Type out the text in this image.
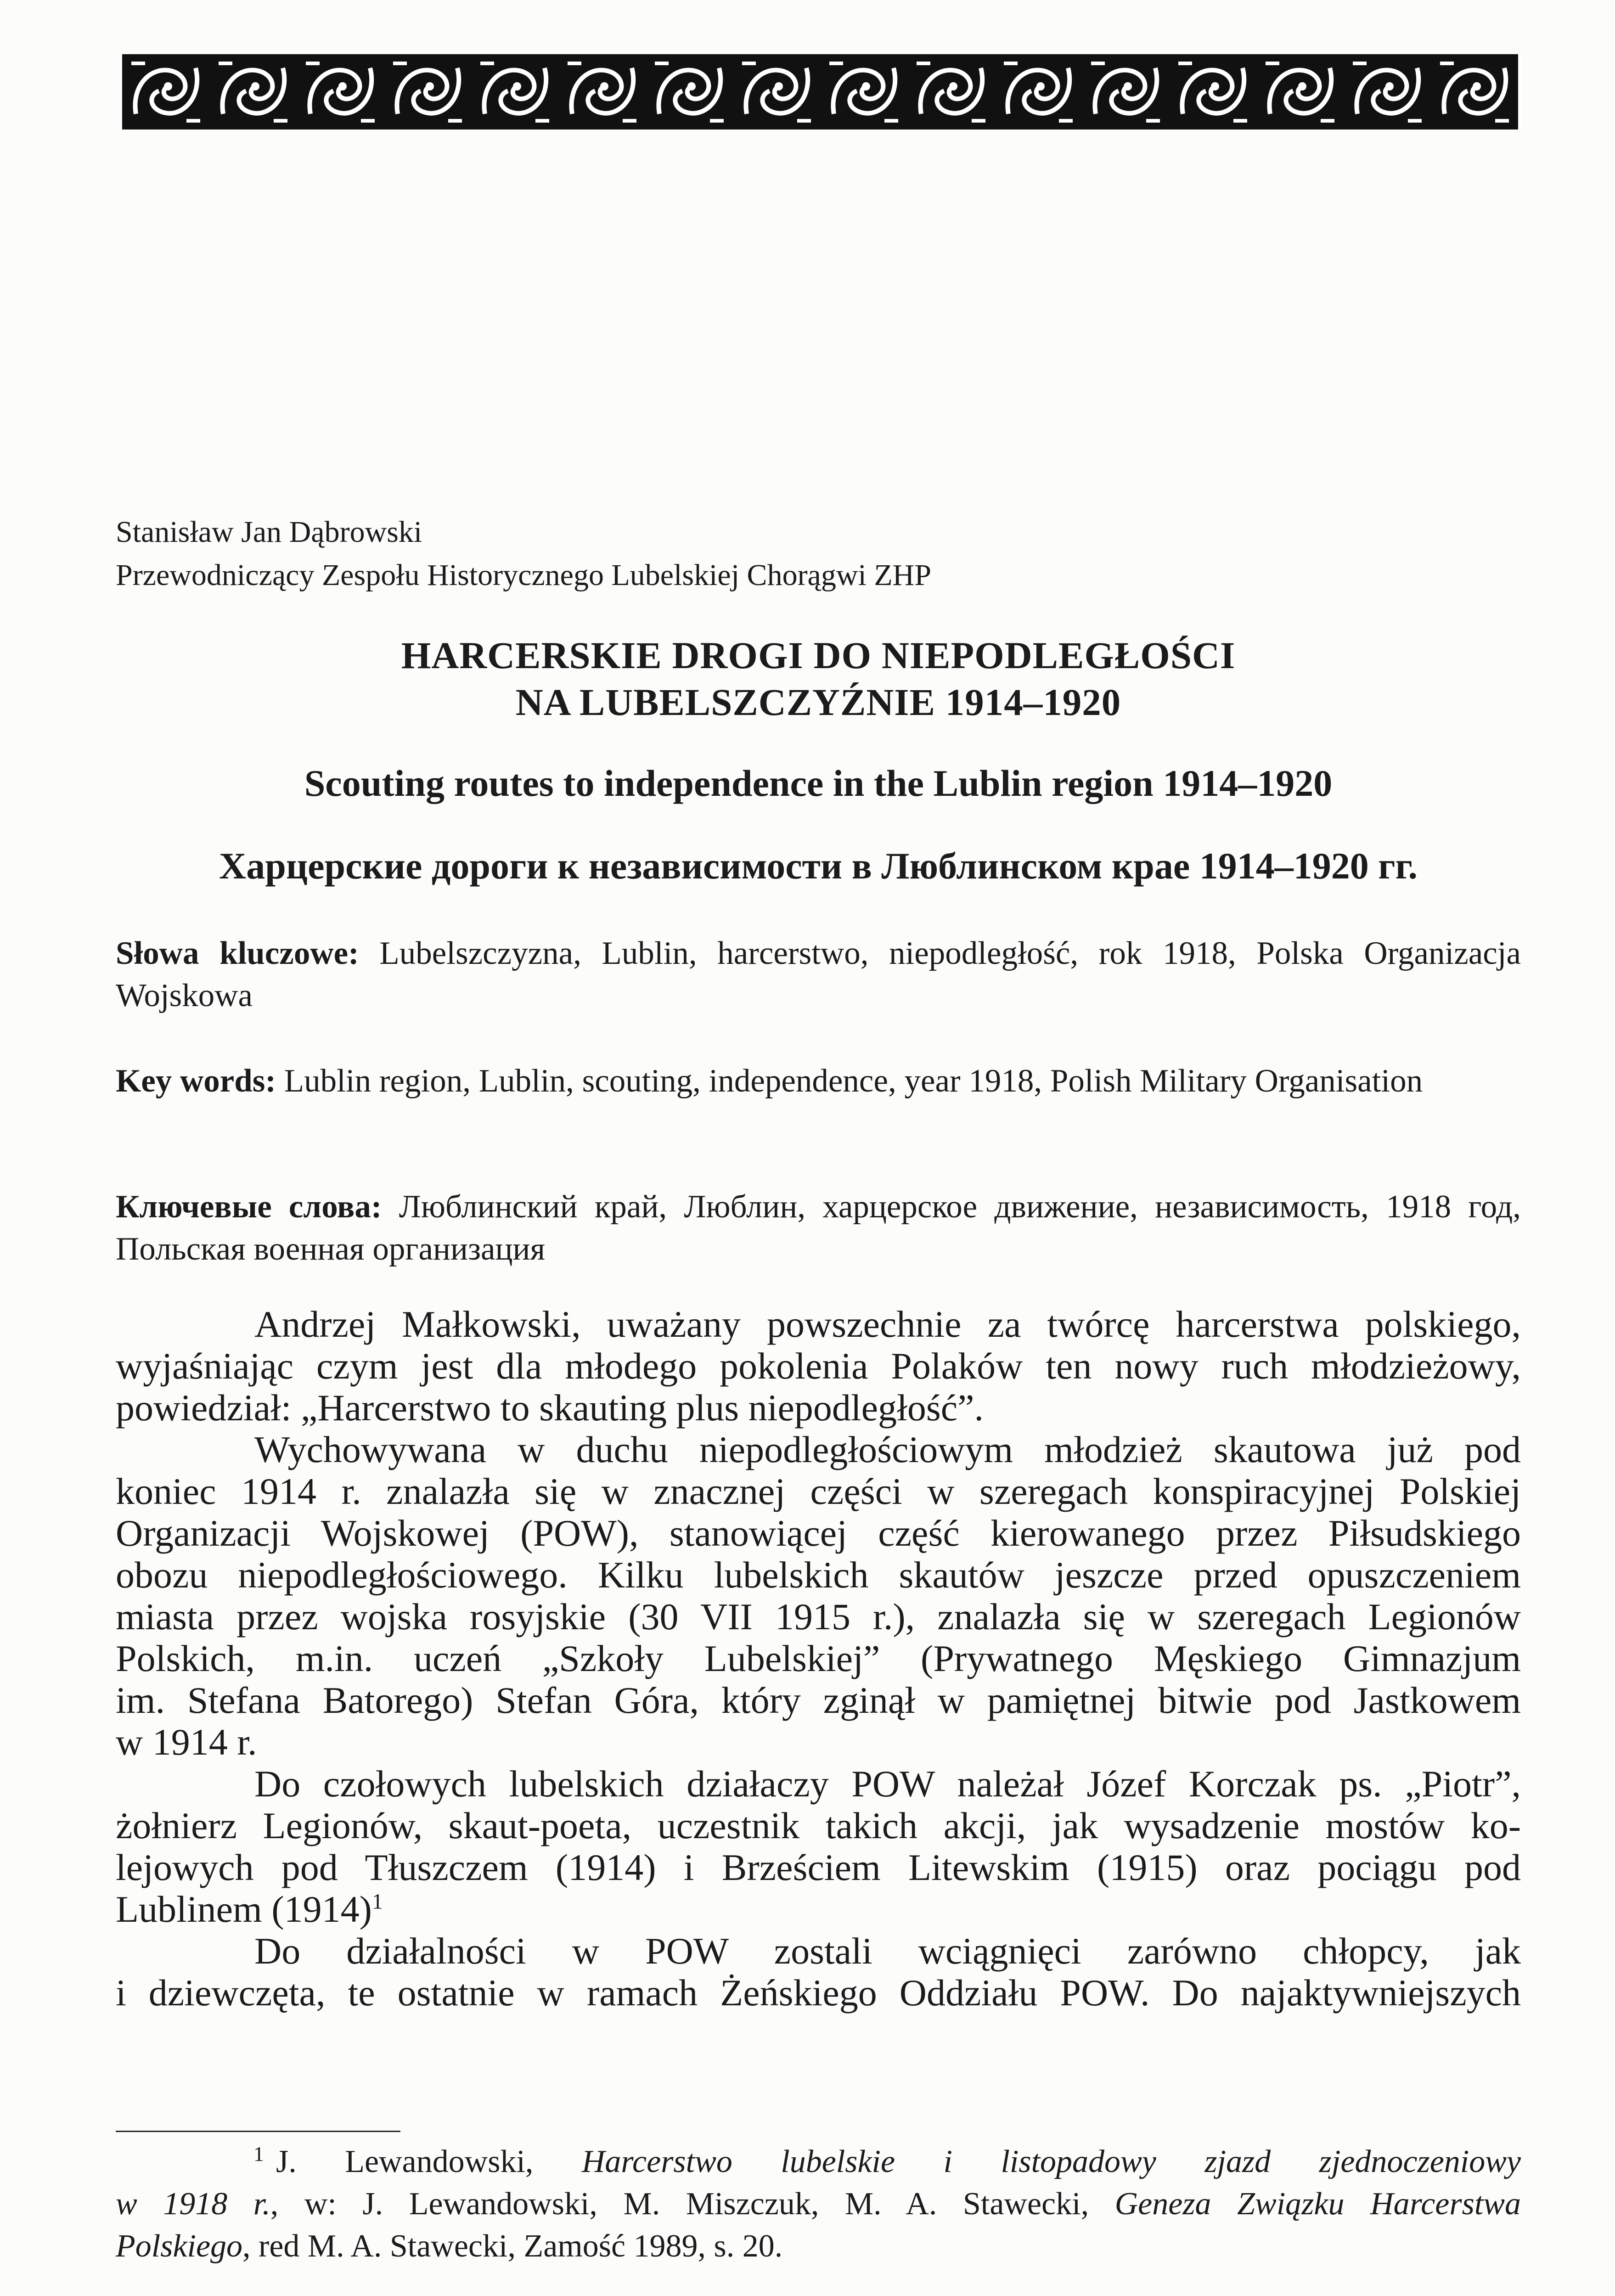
Stanisław Jan Dąbrowski
Przewodniczący Zespołu Historycznego Lubelskiej Chorągwi ZHP
HARCERSKIE DROGI DO NIEPODLEGŁOŚCI
NA LUBELSZCZYŹNIE 1914–1920
Scouting routes to independence in the Lublin region 1914–1920
Харцерские дороги к независимости в Люблинском крае 1914–1920 гг.
Słowa kluczowe: Lubelszczyzna, Lublin, harcerstwo, niepodległość, rok 1918, Polska Organizacja Wojskowa
Key words: Lublin region, Lublin, scouting, independence, year 1918, Polish Military Organisation
Ключевые слова: Люблинский край, Люблин, харцерское движение, независимость, 1918 год, Польская военная организация
Andrzej Małkowski, uważany powszechnie za twórcę harcerstwa polskiego,
wyjaśniając czym jest dla młodego pokolenia Polaków ten nowy ruch młodzieżowy,
powiedział: „Harcerstwo to skauting plus niepodległość”.
Wychowywana w duchu niepodległościowym młodzież skautowa już pod
koniec 1914 r. znalazła się w znacznej części w szeregach konspiracyjnej Polskiej
Organizacji Wojskowej (POW), stanowiącej część kierowanego przez Piłsudskiego
obozu niepodległościowego. Kilku lubelskich skautów jeszcze przed opuszczeniem
miasta przez wojska rosyjskie (30 VII 1915 r.), znalazła się w szeregach Legionów
Polskich, m.in. uczeń „Szkoły Lubelskiej” (Prywatnego Męskiego Gimnazjum
im. Stefana Batorego) Stefan Góra, który zginął w pamiętnej bitwie pod Jastkowem
w 1914 r.
Do czołowych lubelskich działaczy POW należał Józef Korczak ps. „Piotr”,
żołnierz Legionów, skaut-poeta, uczestnik takich akcji, jak wysadzenie mostów ko-
lejowych pod Tłuszczem (1914) i Brześciem Litewskim (1915) oraz pociągu pod
Lublinem (1914)$^1$
Do działalności w POW zostali wciągnięci zarówno chłopcy, jak
i dziewczęta, te ostatnie w ramach Żeńskiego Oddziału POW. Do najaktywniejszych
$^1$ J. Lewandowski, Harcerstwo lubelskie i listopadowy zjazd zjednoczeniowy
w 1918 r., w: J. Lewandowski, M. Miszczuk, M. A. Stawecki, Geneza Związku Harcerstwa
Polskiego, red M. A. Stawecki, Zamość 1989, s. 20.
